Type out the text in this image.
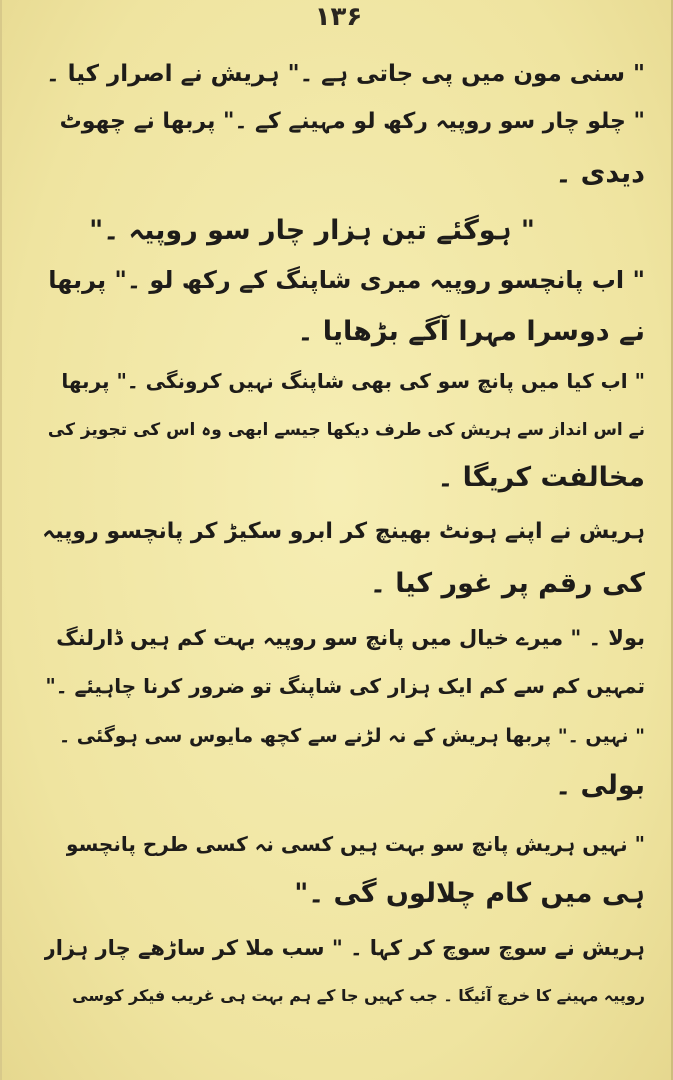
۱۳۶
" سنی مون میں پی جاتی ہے ۔" ہریش نے اصرار کیا ۔
" چلو چار سو روپیہ رکھ لو مہینے کے ۔" پربھا نے چھوٹ
دیدی ۔
" ہوگئے تین ہزار چار سو روپیہ ۔"
" اب پانچسو روپیہ میری شاپنگ کے رکھ لو ۔" پربھا
نے دوسرا مہرا آگے بڑھایا ۔
" اب کیا میں پانچ سو کی بھی شاپنگ نہیں کرونگی ۔" پربھا
نے اس انداز سے ہریش کی طرف دیکھا جیسے ابھی وہ اس کی تجویز کی
مخالفت کریگا ۔
ہریش نے اپنے ہونٹ بھینچ کر ابرو سکیڑ کر پانچسو روپیہ
کی رقم پر غور کیا ۔
بولا ۔ " میرے خیال میں پانچ سو روپیہ بہت کم ہیں ڈارلنگ
تمہیں کم سے کم ایک ہزار کی شاپنگ تو ضرور کرنا چاہیئے ۔"
" نہیں ۔" پربھا ہریش کے نہ لڑنے سے کچھ مایوس سی ہوگئی ۔
بولی ۔
" نہیں ہریش پانچ سو بہت ہیں کسی نہ کسی طرح پانچسو
ہی میں کام چلالوں گی ۔"
ہریش نے سوچ سوچ کر کہا ۔ " سب ملا کر ساڑھے چار ہزار
روپیہ مہینے کا خرچ آئیگا ۔ جب کہیں جا کے ہم بہت ہی غریب فیکر کوسی
